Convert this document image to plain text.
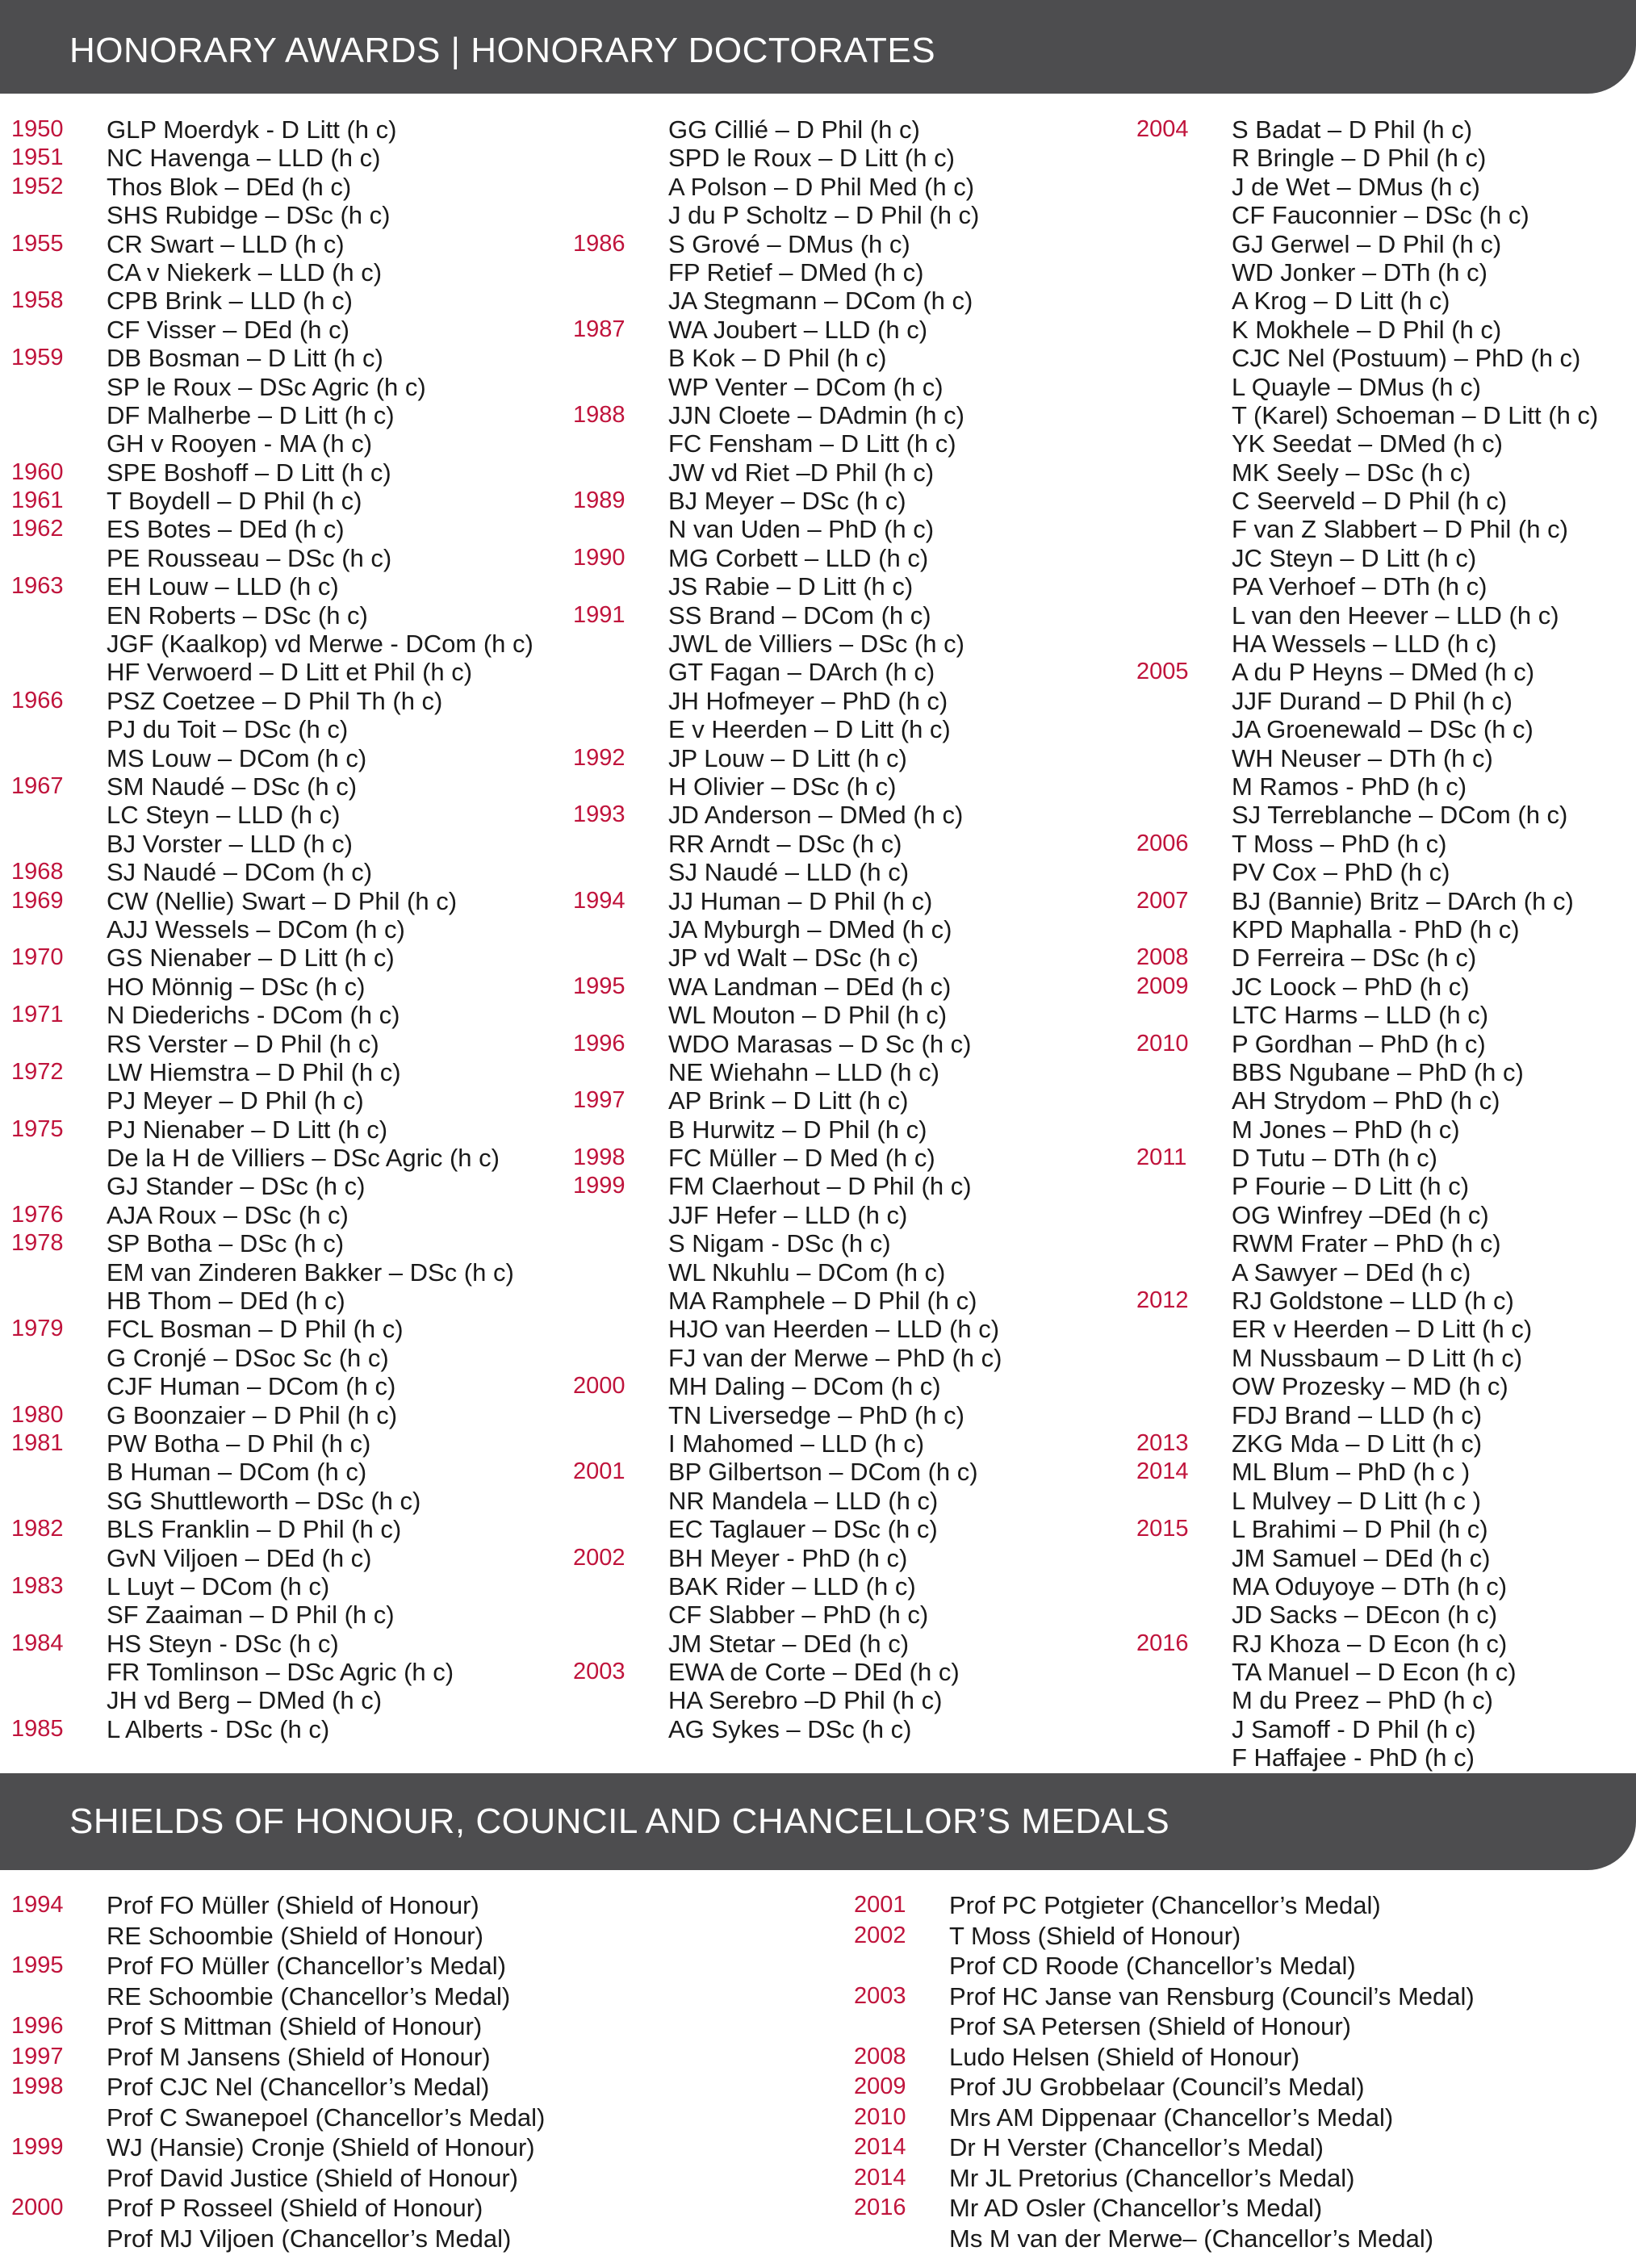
HONORARY AWARDS | HONORARY DOCTORATES
1950	GLP Moerdyk - D Litt (h c)
1951	NC Havenga – LLD (h c)
1952	Thos Blok – DEd (h c)
SHS Rubidge – DSc (h c)
1955	CR Swart – LLD (h c)
CA v Niekerk – LLD (h c)
1958	CPB Brink – LLD (h c)
CF Visser – DEd (h c)
1959	DB Bosman – D Litt (h c)
SP le Roux – DSc Agric (h c)
DF Malherbe – D Litt (h c)
GH v Rooyen - MA (h c)
1960	SPE Boshoff – D Litt (h c)
1961	T Boydell – D Phil (h c)
1962	ES Botes – DEd (h c)
PE Rousseau – DSc (h c)
1963	EH Louw – LLD (h c)
EN Roberts – DSc (h c)
JGF (Kaalkop) vd Merwe - DCom (h c)
HF Verwoerd – D Litt et Phil (h c)
1966	PSZ Coetzee – D Phil Th (h c)
PJ du Toit – DSc (h c)
MS Louw – DCom (h c)
1967	SM Naudé – DSc (h c)
LC Steyn – LLD (h c)
BJ Vorster – LLD (h c)
1968	SJ Naudé – DCom (h c)
1969	CW (Nellie) Swart – D Phil (h c)
AJJ Wessels – DCom (h c)
1970	GS Nienaber – D Litt (h c)
HO Mönnig – DSc (h c)
1971	N Diederichs - DCom (h c)
RS Verster – D Phil (h c)
1972	LW Hiemstra – D Phil (h c)
PJ Meyer – D Phil (h c)
1975	PJ Nienaber – D Litt (h c)
De la H de Villiers – DSc Agric (h c)
GJ Stander – DSc (h c)
1976	AJA Roux – DSc (h c)
1978	SP Botha – DSc (h c)
EM van Zinderen Bakker – DSc (h c)
HB Thom – DEd (h c)
1979	FCL Bosman – D Phil (h c)
G Cronjé – DSoc Sc (h c)
CJF Human – DCom (h c)
1980	G Boonzaier – D Phil (h c)
1981	PW Botha – D Phil (h c)
B Human – DCom (h c)
SG Shuttleworth – DSc (h c)
1982	BLS Franklin – D Phil (h c)
GvN Viljoen – DEd (h c)
1983	L Luyt – DCom (h c)
SF Zaaiman – D Phil (h c)
1984	HS Steyn - DSc (h c)
FR Tomlinson – DSc Agric (h c)
JH vd Berg – DMed (h c)
1985	L Alberts - DSc (h c)
GG Cillié – D Phil (h c)
SPD le Roux – D Litt (h c)
A Polson – D Phil Med (h c)
J du P Scholtz – D Phil (h c)
1986	S Grové – DMus (h c)
FP Retief – DMed (h c)
JA Stegmann – DCom (h c)
1987	WA Joubert – LLD (h c)
B Kok – D Phil (h c)
WP Venter – DCom (h c)
1988	JJN Cloete – DAdmin (h c)
FC Fensham – D Litt (h c)
JW vd Riet –D Phil (h c)
1989	BJ Meyer – DSc (h c)
N van Uden – PhD (h c)
1990	MG Corbett – LLD (h c)
JS Rabie – D Litt (h c)
1991	SS Brand – DCom (h c)
JWL de Villiers – DSc (h c)
GT Fagan – DArch (h c)
JH Hofmeyer – PhD (h c)
E v Heerden – D Litt (h c)
1992	JP Louw – D Litt (h c)
H Olivier – DSc (h c)
1993	JD Anderson – DMed (h c)
RR Arndt – DSc (h c)
SJ Naudé – LLD (h c)
1994	JJ Human – D Phil (h c)
JA Myburgh – DMed (h c)
JP vd Walt – DSc (h c)
1995	WA Landman – DEd (h c)
WL Mouton – D Phil (h c)
1996	WDO Marasas – D Sc (h c)
NE Wiehahn – LLD (h c)
1997	AP Brink – D Litt (h c)
B Hurwitz – D Phil (h c)
1998	FC Müller – D Med (h c)
1999	FM Claerhout – D Phil (h c)
JJF Hefer – LLD (h c)
S Nigam - DSc (h c)
WL Nkuhlu – DCom (h c)
MA Ramphele – D Phil (h c)
HJO van Heerden – LLD (h c)
FJ van der Merwe – PhD (h c)
2000	MH Daling – DCom (h c)
TN Liversedge – PhD (h c)
I Mahomed – LLD (h c)
2001	BP Gilbertson – DCom (h c)
NR Mandela – LLD (h c)
EC Taglauer – DSc (h c)
2002	BH Meyer - PhD (h c)
BAK Rider – LLD (h c)
CF Slabber – PhD (h c)
JM Stetar – DEd (h c)
2003	EWA de Corte – DEd (h c)
HA Serebro –D Phil (h c)
AG Sykes – DSc (h c)
2004	S Badat – D Phil (h c)
R Bringle – D Phil (h c)
J de Wet – DMus (h c)
CF Fauconnier – DSc (h c)
GJ Gerwel – D Phil (h c)
WD Jonker – DTh (h c)
A Krog – D Litt (h c)
K Mokhele – D Phil (h c)
CJC Nel (Postuum) – PhD (h c)
L Quayle – DMus (h c)
T (Karel) Schoeman – D Litt (h c)
YK Seedat – DMed (h c)
MK Seely – DSc (h c)
C Seerveld – D Phil (h c)
F van Z Slabbert – D Phil (h c)
JC Steyn – D Litt (h c)
PA Verhoef – DTh (h c)
L van den Heever – LLD (h c)
HA Wessels – LLD (h c)
2005	A du P Heyns – DMed (h c)
JJF Durand – D Phil (h c)
JA Groenewald – DSc (h c)
WH Neuser – DTh (h c)
M Ramos - PhD (h c)
SJ Terreblanche – DCom (h c)
2006	T Moss – PhD (h c)
PV Cox – PhD (h c)
2007	BJ (Bannie) Britz – DArch (h c)
KPD Maphalla - PhD (h c)
2008	D Ferreira – DSc (h c)
2009	JC Loock – PhD (h c)
LTC Harms – LLD (h c)
2010	P Gordhan – PhD (h c)
BBS Ngubane – PhD (h c)
AH Strydom – PhD (h c)
M Jones – PhD (h c)
2011	D Tutu – DTh (h c)
P Fourie – D Litt (h c)
OG Winfrey –DEd (h c)
RWM Frater – PhD (h c)
A Sawyer – DEd (h c)
2012	RJ Goldstone – LLD (h c)
ER v Heerden – D Litt (h c)
M Nussbaum – D Litt (h c)
OW Prozesky – MD (h c)
FDJ Brand – LLD (h c)
2013	ZKG Mda – D Litt (h c)
2014	ML Blum – PhD (h c )
L Mulvey – D Litt (h c )
2015	L Brahimi – D Phil (h c)
JM Samuel – DEd (h c)
MA Oduyoye – DTh (h c)
JD Sacks – DEcon (h c)
2016	RJ Khoza – D Econ (h c)
TA Manuel – D Econ (h c)
M du Preez – PhD (h c)
J Samoff - D Phil (h c)
F Haffajee - PhD (h c)
SHIELDS OF HONOUR, COUNCIL AND CHANCELLOR’S MEDALS
1994	Prof FO Müller (Shield of Honour)
RE Schoombie (Shield of Honour)
1995	Prof FO Müller (Chancellor’s Medal)
RE Schoombie (Chancellor’s Medal)
1996	Prof S Mittman (Shield of Honour)
1997	Prof M Jansens (Shield of Honour)
1998	Prof CJC Nel (Chancellor’s Medal)
Prof C Swanepoel (Chancellor’s Medal)
1999	WJ (Hansie) Cronje (Shield of Honour)
Prof David Justice (Shield of Honour)
2000	Prof P Rosseel (Shield of Honour)
Prof MJ Viljoen (Chancellor’s Medal)
2001	Prof PC Potgieter (Chancellor’s Medal)
2002	T Moss (Shield of Honour)
Prof CD Roode (Chancellor’s Medal)
2003	Prof HC Janse van Rensburg (Council’s Medal)
Prof SA Petersen (Shield of Honour)
2008	Ludo Helsen (Shield of Honour)
2009	Prof JU Grobbelaar (Council’s Medal)
2010	Mrs AM Dippenaar (Chancellor’s Medal)
2014	Dr H Verster (Chancellor’s Medal)
2014	Mr JL Pretorius (Chancellor’s Medal)
2016	Mr AD Osler (Chancellor’s Medal)
Ms M van der Merwe– (Chancellor’s Medal)
